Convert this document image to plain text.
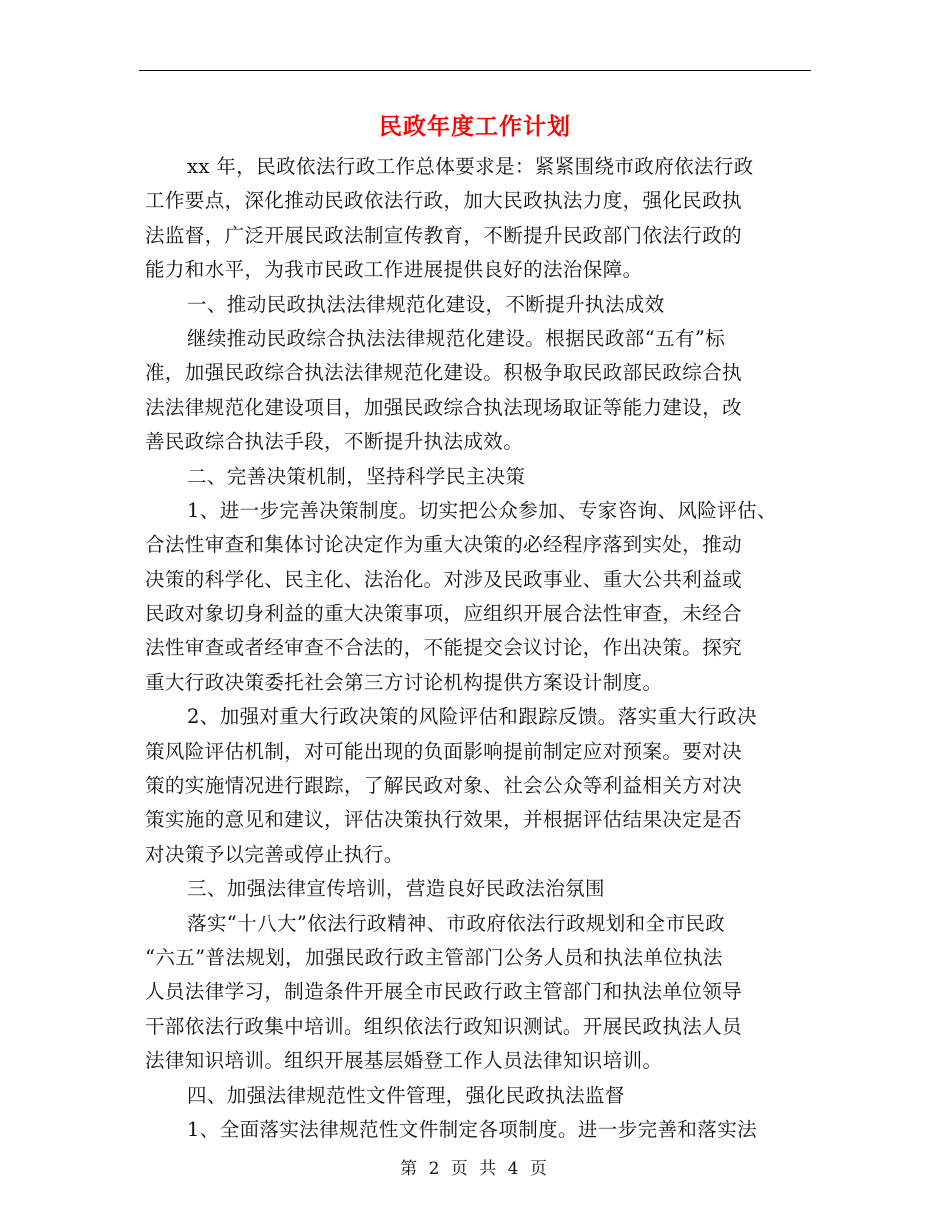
民政年度工作计划
xx 年，民政依法行政工作总体要求是：紧紧围绕市政府依法行政
工作要点，深化推动民政依法行政，加大民政执法力度，强化民政执
法监督，广泛开展民政法制宣传教育，不断提升民政部门依法行政的
能力和水平，为我市民政工作进展提供良好的法治保障。
一、推动民政执法法律规范化建设，不断提升执法成效
继续推动民政综合执法法律规范化建设。根据民政部“五有”标
准，加强民政综合执法法律规范化建设。积极争取民政部民政综合执
法法律规范化建设项目，加强民政综合执法现场取证等能力建设，改
善民政综合执法手段，不断提升执法成效。
二、完善决策机制，坚持科学民主决策
1、进一步完善决策制度。切实把公众参加、专家咨询、风险评估、
合法性审查和集体讨论决定作为重大决策的必经程序落到实处，推动
决策的科学化、民主化、法治化。对涉及民政事业、重大公共利益或
民政对象切身利益的重大决策事项，应组织开展合法性审查，未经合
法性审查或者经审查不合法的，不能提交会议讨论，作出决策。探究
重大行政决策委托社会第三方讨论机构提供方案设计制度。
2、加强对重大行政决策的风险评估和跟踪反馈。落实重大行政决
策风险评估机制，对可能出现的负面影响提前制定应对预案。要对决
策的实施情况进行跟踪，了解民政对象、社会公众等利益相关方对决
策实施的意见和建议，评估决策执行效果，并根据评估结果决定是否
对决策予以完善或停止执行。
三、加强法律宣传培训，营造良好民政法治氛围
落实“十八大”依法行政精神、市政府依法行政规划和全市民政
“六五”普法规划，加强民政行政主管部门公务人员和执法单位执法
人员法律学习，制造条件开展全市民政行政主管部门和执法单位领导
干部依法行政集中培训。组织依法行政知识测试。开展民政执法人员
法律知识培训。组织开展基层婚登工作人员法律知识培训。
四、加强法律规范性文件管理，强化民政执法监督
1、全面落实法律规范性文件制定各项制度。进一步完善和落实法
第 2 页 共 4 页
